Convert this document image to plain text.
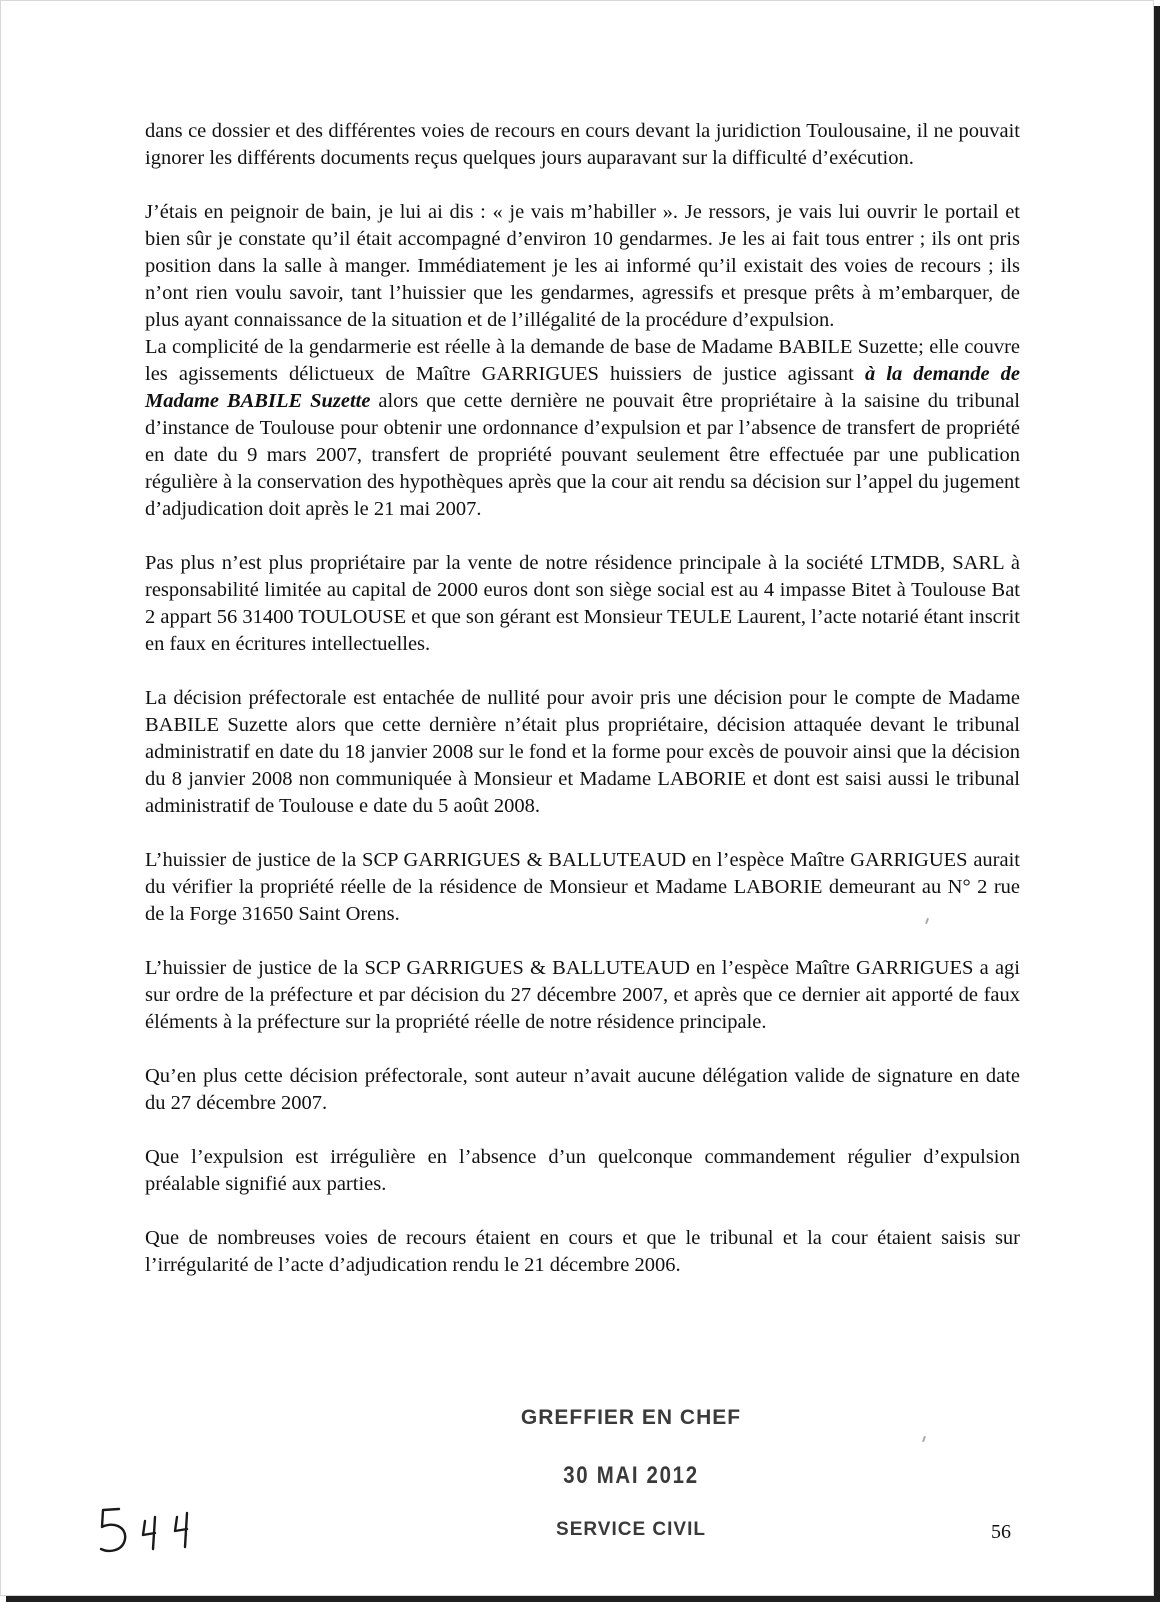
dans ce dossier et des différentes voies de recours en cours devant la juridiction Toulousaine, il ne pouvait ignorer les différents documents reçus quelques jours auparavant sur la difficulté d’exécution.

J’étais en peignoir de bain, je lui ai dis : « je vais m’habiller ». Je ressors, je vais lui ouvrir le portail et bien sûr je constate qu’il était accompagné d’environ 10 gendarmes. Je les ai fait tous entrer ; ils ont pris position dans la salle à manger. Immédiatement je les ai informé qu’il existait des voies de recours ; ils n’ont rien voulu savoir, tant l’huissier que les gendarmes, agressifs et presque prêts à m’embarquer, de plus ayant connaissance de la situation et de l’illégalité de la procédure d’expulsion.

La complicité de la gendarmerie est réelle à la demande de base de Madame BABILE Suzette; elle couvre les agissements délictueux de Maître GARRIGUES huissiers de justice agissant à la demande de Madame BABILE Suzette alors que cette dernière ne pouvait être propriétaire à la saisine du tribunal d’instance de Toulouse pour obtenir une ordonnance d’expulsion et par l’absence de transfert de propriété en date du 9 mars 2007, transfert de propriété pouvant seulement être effectuée par une publication régulière à la conservation des hypothèques après que la cour ait rendu sa décision sur l’appel du jugement d’adjudication doit après le 21 mai 2007.

Pas plus n’est plus propriétaire par la vente de notre résidence principale à la société LTMDB, SARL à responsabilité limitée au capital de 2000 euros dont son siège social est au 4 impasse Bitet à Toulouse Bat 2 appart 56 31400 TOULOUSE et que son gérant est Monsieur TEULE Laurent, l’acte notarié étant inscrit en faux en écritures intellectuelles.

La décision préfectorale est entachée de nullité pour avoir pris une décision pour le compte de Madame BABILE Suzette alors que cette dernière n’était plus propriétaire, décision attaquée devant le tribunal administratif en date du 18 janvier 2008 sur le fond et la forme pour excès de pouvoir ainsi que la décision du 8 janvier 2008 non communiquée à Monsieur et Madame LABORIE et dont est saisi aussi le tribunal administratif de Toulouse e date du 5 août 2008.

L’huissier de justice de la SCP GARRIGUES & BALLUTEAUD en l’espèce Maître GARRIGUES aurait du vérifier la propriété réelle de la résidence de Monsieur et Madame LABORIE demeurant au N° 2 rue de la Forge 31650 Saint Orens.

L’huissier de justice de la SCP GARRIGUES & BALLUTEAUD en l’espèce Maître GARRIGUES a agi sur ordre de la préfecture et par décision du 27 décembre 2007, et après que ce dernier ait apporté de faux éléments à la préfecture sur la propriété réelle de notre résidence principale.

Qu’en plus cette décision préfectorale, sont auteur n’avait aucune délégation valide de signature en date du 27 décembre 2007.

Que l’expulsion est irrégulière en l’absence d’un quelconque commandement régulier d’expulsion préalable signifié aux parties.

Que de nombreuses voies de recours étaient en cours et que le tribunal et la cour étaient saisis sur l’irrégularité de l’acte d’adjudication rendu le 21 décembre 2006.

GREFFIER EN CHEF
30 MAI 2012
SERVICE CIVIL	56
